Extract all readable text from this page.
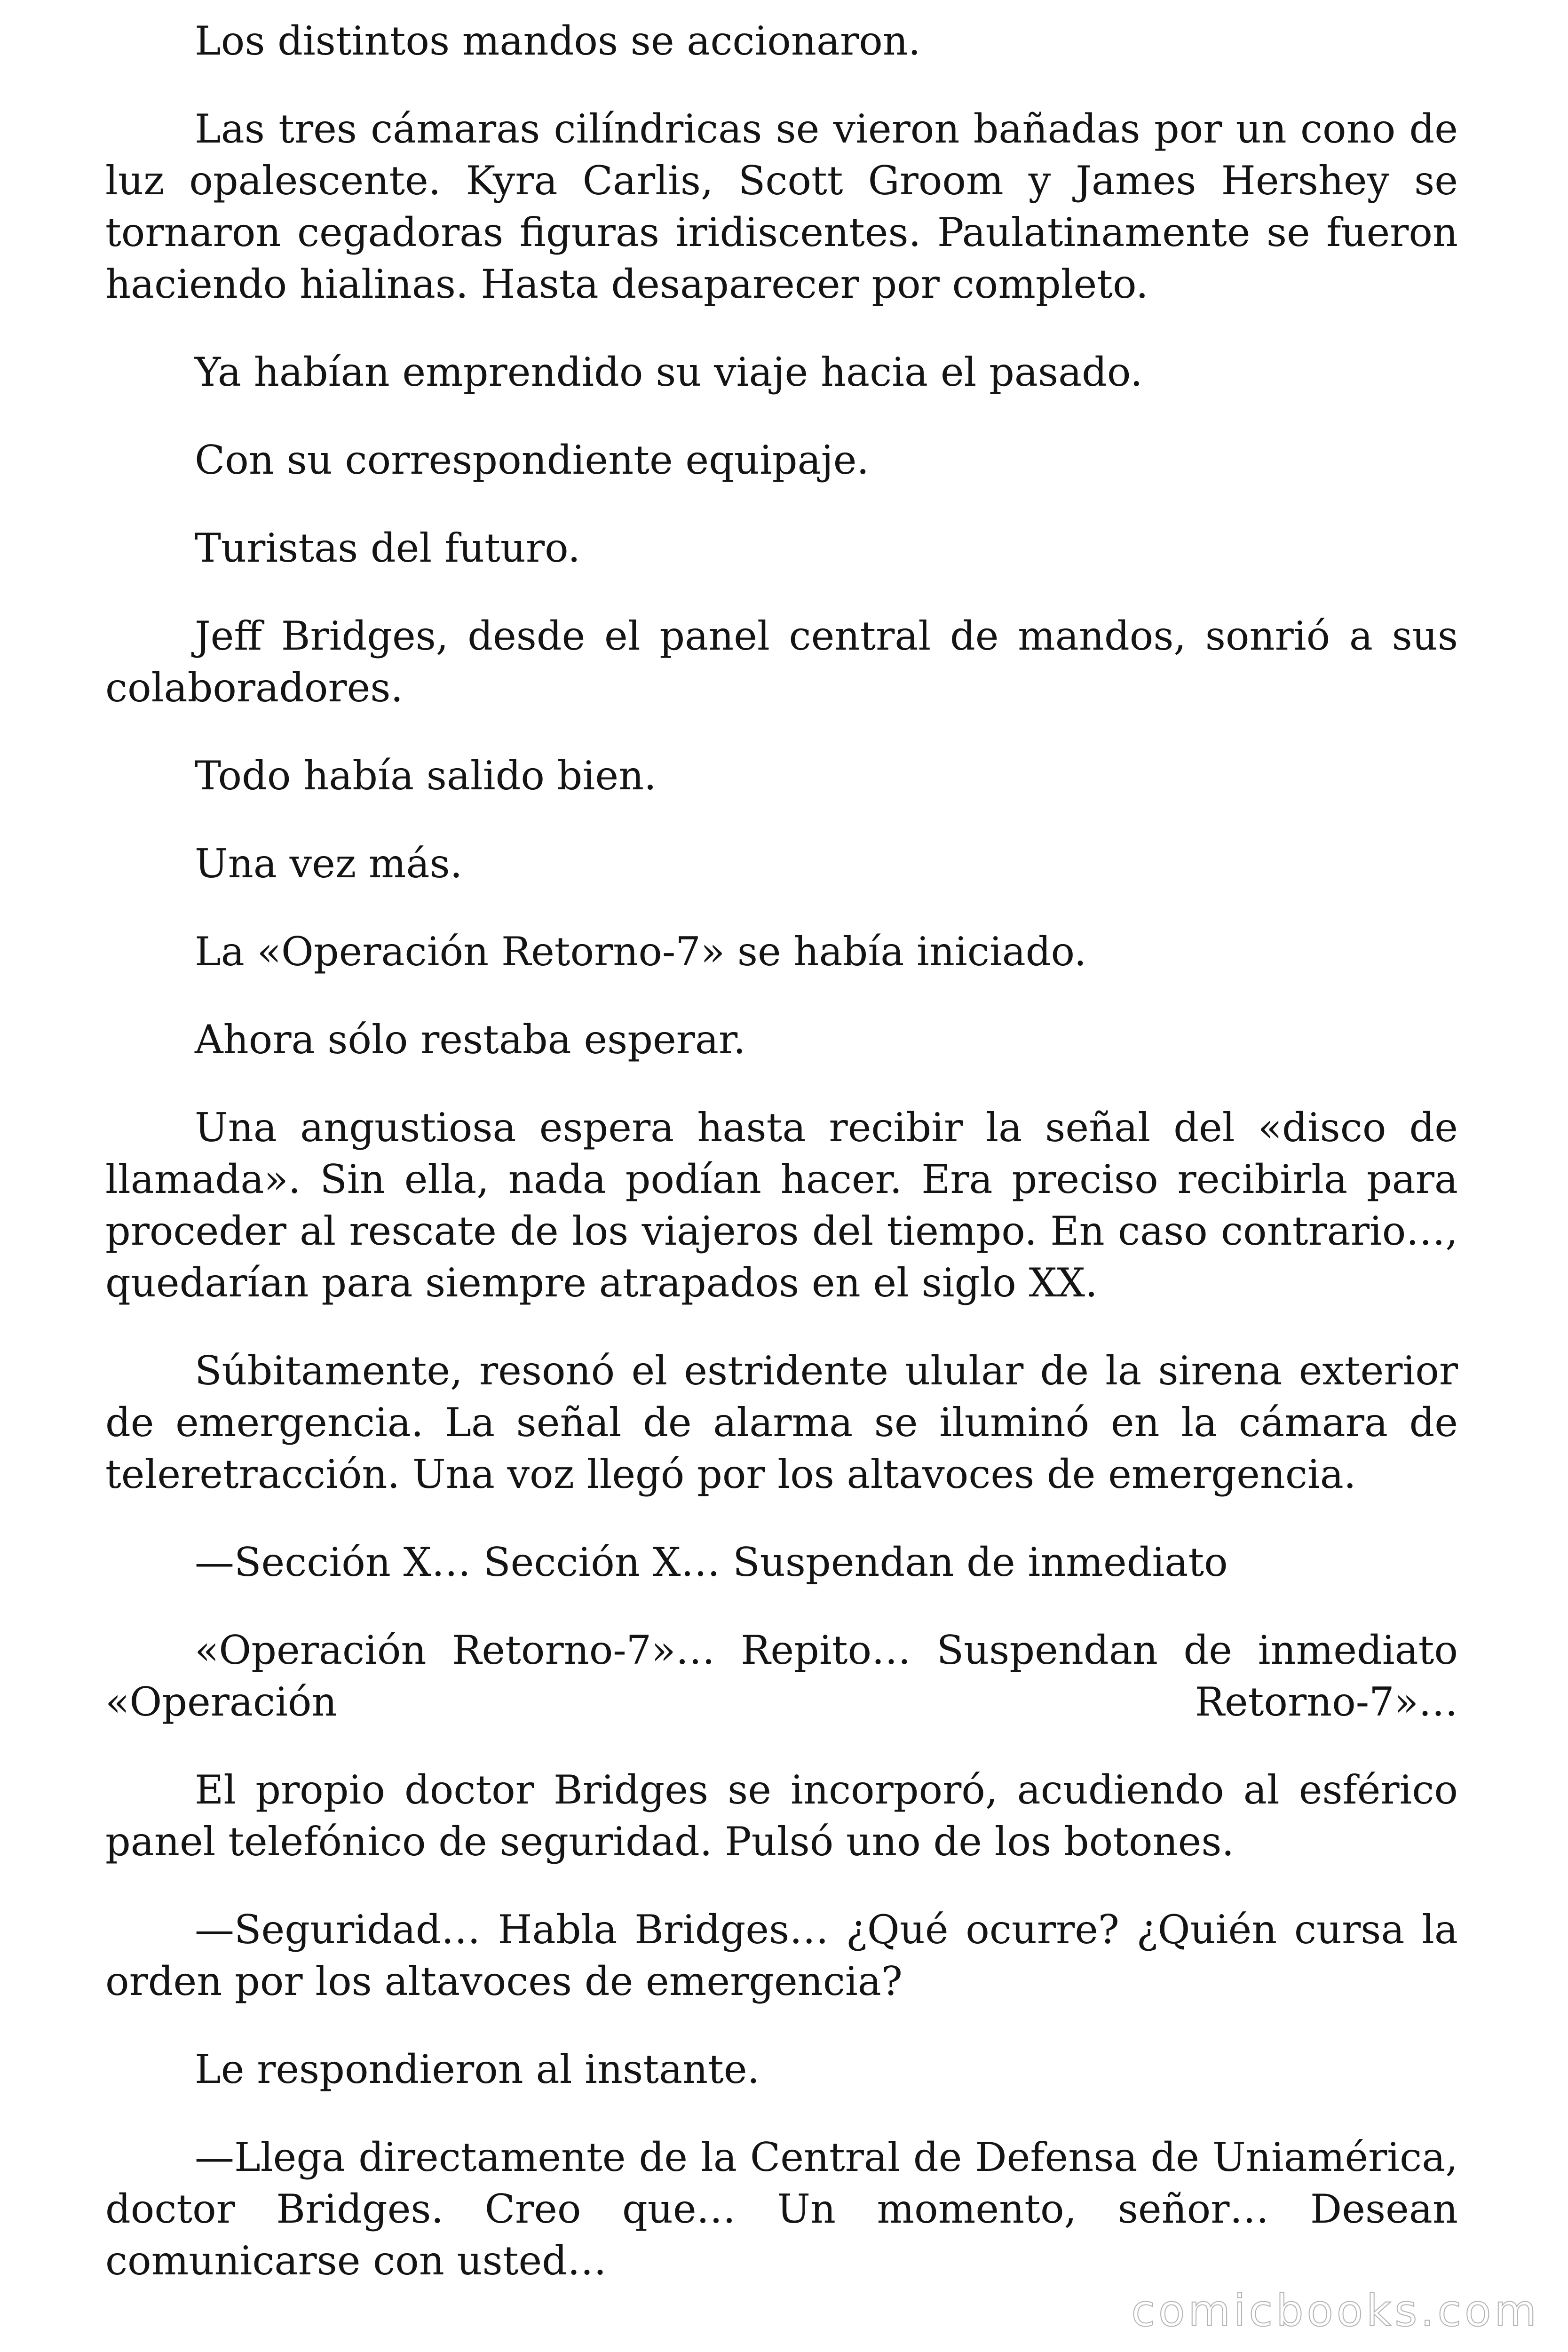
Los distintos mandos se accionaron.

Las tres cámaras cilíndricas se vieron bañadas por un cono de luz opalescente. Kyra Carlis, Scott Groom y James Hershey se tornaron cegadoras figuras iridiscentes. Paulatinamente se fueron haciendo hialinas. Hasta desaparecer por completo.

Ya habían emprendido su viaje hacia el pasado.

Con su correspondiente equipaje.

Turistas del futuro.

Jeff Bridges, desde el panel central de mandos, sonrió a sus colaboradores.

Todo había salido bien.

Una vez más.

La «Operación Retorno-7» se había iniciado.

Ahora sólo restaba esperar.

Una angustiosa espera hasta recibir la señal del «disco de llamada». Sin ella, nada podían hacer. Era preciso recibirla para proceder al rescate de los viajeros del tiempo. En caso contrario…, quedarían para siempre atrapados en el siglo XX.

Súbitamente, resonó el estridente ulular de la sirena exterior de emergencia. La señal de alarma se iluminó en la cámara de teleretracción. Una voz llegó por los altavoces de emergencia.

—Sección X… Sección X… Suspendan de inmediato

«Operación Retorno-7»… Repito… Suspendan de inmediato «Operación Retorno-7»…

El propio doctor Bridges se incorporó, acudiendo al esférico panel telefónico de seguridad. Pulsó uno de los botones.

—Seguridad… Habla Bridges… ¿Qué ocurre? ¿Quién cursa la orden por los altavoces de emergencia?

Le respondieron al instante.

—Llega directamente de la Central de Defensa de Uniamérica, doctor Bridges. Creo que… Un momento, señor… Desean comunicarse con usted…

comicbooks.com
